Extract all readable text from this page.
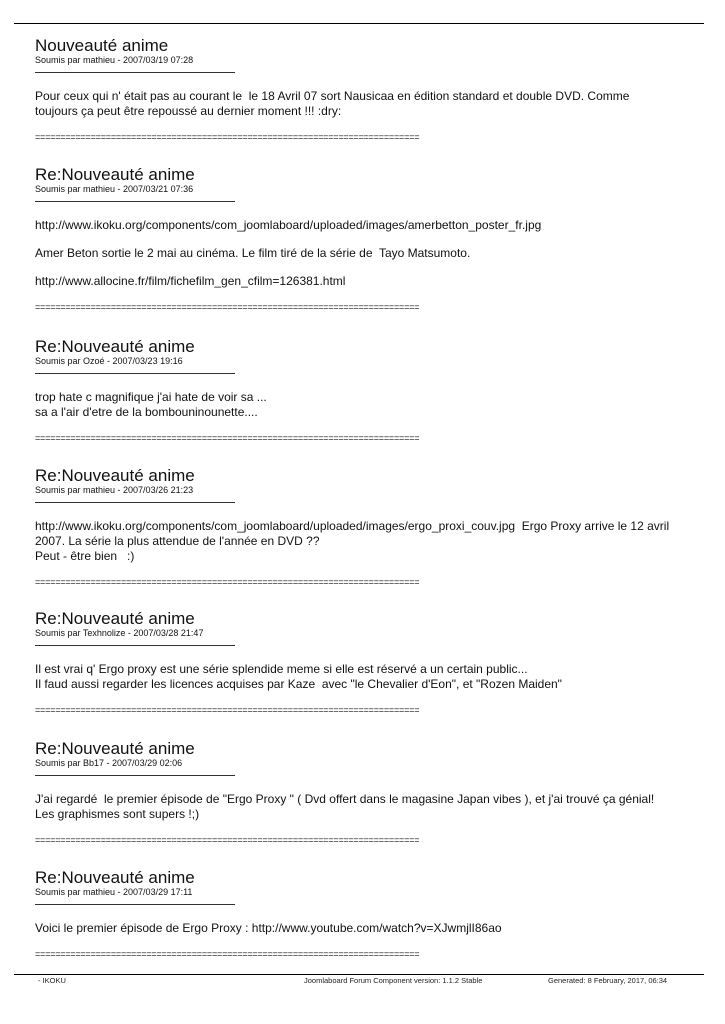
Nouveauté anime
Soumis par mathieu - 2007/03/19 07:28

Pour ceux qui n' était pas au courant le  le 18 Avril 07 sort Nausicaa en édition standard et double DVD. Comme
toujours ça peut être repoussé au dernier moment !!! :dry:

============================================================================
Re:Nouveauté anime
Soumis par mathieu - 2007/03/21 07:36

http://www.ikoku.org/components/com_joomlaboard/uploaded/images/amerbetton_poster_fr.jpg

Amer Beton sortie le 2 mai au cinéma. Le film tiré de la série de  Tayo Matsumoto.

http://www.allocine.fr/film/fichefilm_gen_cfilm=126381.html

============================================================================
Re:Nouveauté anime
Soumis par Ozoé - 2007/03/23 19:16

trop hate c magnifique j'ai hate de voir sa ...
sa a l'air d'etre de la bombouninounette....

============================================================================
Re:Nouveauté anime
Soumis par mathieu - 2007/03/26 21:23

http://www.ikoku.org/components/com_joomlaboard/uploaded/images/ergo_proxi_couv.jpg  Ergo Proxy arrive le 12 avril
2007. La série la plus attendue de l'année en DVD ??
Peut - être bien   :)

============================================================================
Re:Nouveauté anime
Soumis par Texhnolize - 2007/03/28 21:47

Il est vrai q' Ergo proxy est une série splendide meme si elle est réservé a un certain public...
Il faud aussi regarder les licences acquises par Kaze  avec "le Chevalier d'Eon", et "Rozen Maiden"

============================================================================
Re:Nouveauté anime
Soumis par Bb17 - 2007/03/29 02:06

J'ai regardé  le premier épisode de "Ergo Proxy " ( Dvd offert dans le magasine Japan vibes ), et j'ai trouvé ça génial!
Les graphismes sont supers !;)

============================================================================
Re:Nouveauté anime
Soumis par mathieu - 2007/03/29 17:11

Voici le premier épisode de Ergo Proxy : http://www.youtube.com/watch?v=XJwmjlI86ao

============================================================================
- IKOKU	Joomlaboard Forum Component version: 1.1.2 Stable	Generated: 8 February, 2017, 06:34
